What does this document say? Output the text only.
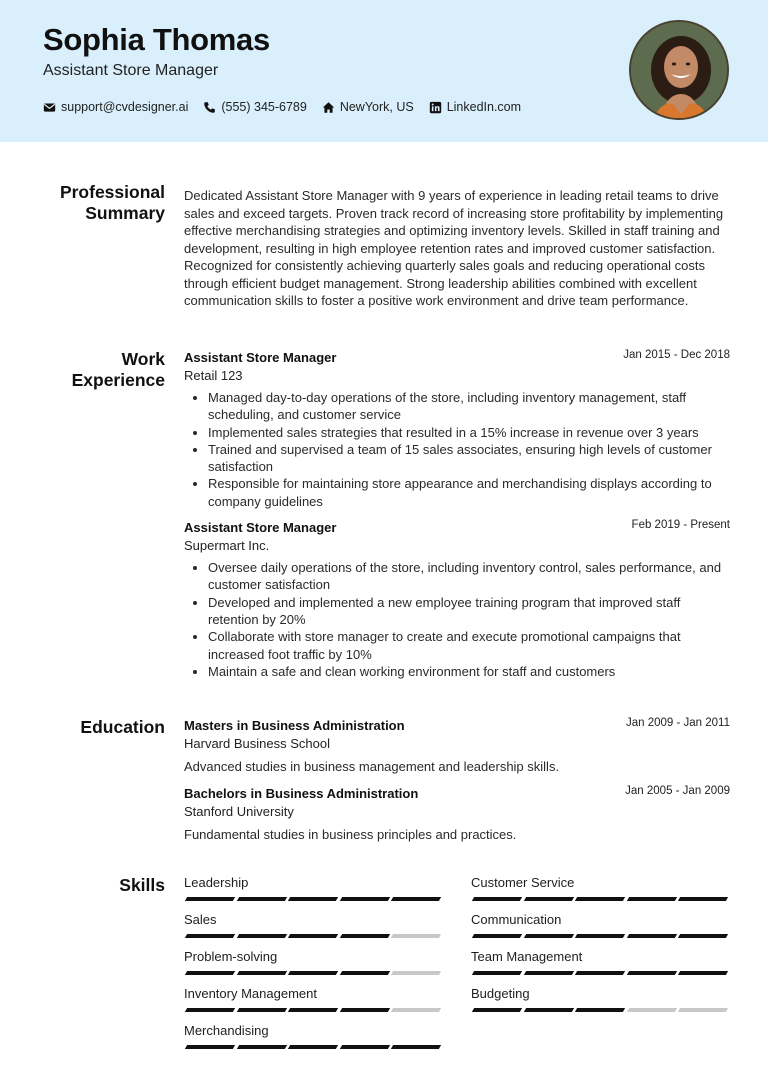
Sophia Thomas
Assistant Store Manager
support@cvdesigner.ai	(555) 345-6789	NewYork, US	LinkedIn.com
Professional Summary

Dedicated Assistant Store Manager with 9 years of experience in leading retail teams to drive sales and exceed targets. Proven track record of increasing store profitability by implementing effective merchandising strategies and optimizing inventory levels. Skilled in staff training and development, resulting in high employee retention rates and improved customer satisfaction. Recognized for consistently achieving quarterly sales goals and reducing operational costs through efficient budget management. Strong leadership abilities combined with excellent communication skills to foster a positive work environment and drive team performance.

Work Experience
Assistant Store Manager	Jan 2015 - Dec 2018
Retail 123
• Managed day-to-day operations of the store, including inventory management, staff scheduling, and customer service
• Implemented sales strategies that resulted in a 15% increase in revenue over 3 years
• Trained and supervised a team of 15 sales associates, ensuring high levels of customer satisfaction
• Responsible for maintaining store appearance and merchandising displays according to company guidelines
Assistant Store Manager	Feb 2019 - Present
Supermart Inc.
• Oversee daily operations of the store, including inventory control, sales performance, and customer satisfaction
• Developed and implemented a new employee training program that improved staff retention by 20%
• Collaborate with store manager to create and execute promotional campaigns that increased foot traffic by 10%
• Maintain a safe and clean working environment for staff and customers
Education Masters in Business Administration	Jan 2009 - Jan 2011
Harvard Business School
Advanced studies in business management and leadership skills.
Bachelors in Business Administration	Jan 2005 - Jan 2009
Stanford University
Fundamental studies in business principles and practices.
Skills Leadership	Customer Service
Sales	Communication
Problem-solving	Team Management
Inventory Management	Budgeting
Merchandising
